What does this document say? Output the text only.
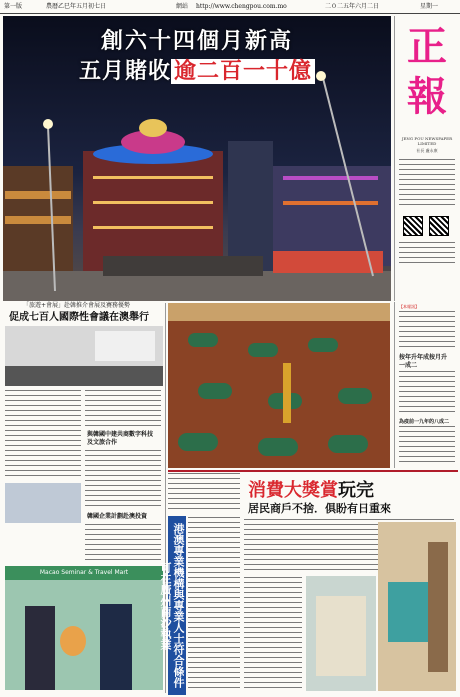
第一版	農曆乙巳年五月初七日	網站 http://www.chengpou.com.mo	二０二五年六月二日	星期一
創六十四個月新高
五月賭收 逾二百一十億
正
報
JENG POU NEWSPAPER LIMITED
社長 盧永康
【本報訊】
按年升年成 按月升
一成二
為疫前一九年的八成二
「旅遊+會展」赴韓推介會展及賽務優勢
促成七百人國際性會議在澳舉行
與韓國中建共商數字科技
及文旅合作
韓國企業計劃赴澳投資
Macao Seminar & Travel Mart
消費大獎賞玩完
居民商戶不捨．俱盼有日重來
港澳專業機構與專業人士符合條件可在廣州南沙執業
